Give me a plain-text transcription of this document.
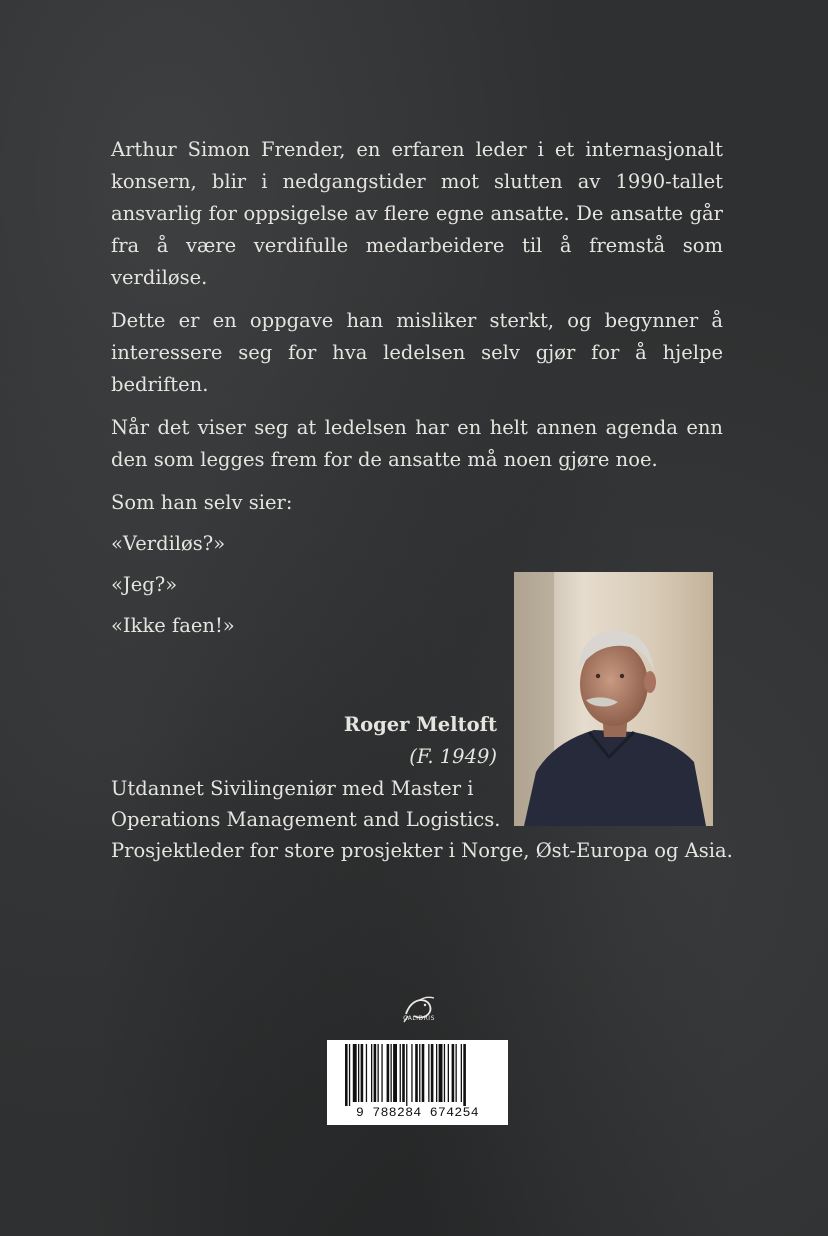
Arthur Simon Frender, en erfaren leder i et internasjonalt konsern, blir i nedgangstider mot slutten av 1990-tallet ansvarlig for oppsigelse av flere egne ansatte. De ansatte går fra å være verdifulle medarbeidere til å fremstå som verdiløse.

Dette er en oppgave han misliker sterkt, og begynner å interessere seg for hva ledelsen selv gjør for å hjelpe bedriften.

Når det viser seg at ledelsen har en helt annen agenda enn den som legges frem for de ansatte må noen gjøre noe.

Som han selv sier:

«Verdiløs?»

«Jeg?»

«Ikke faen!»

Roger Meltoft
(F. 1949)
Utdannet Sivilingeniør med Master i
Operations Management and Logistics.
Prosjektleder for store prosjekter i Norge, Øst-Europa og Asia.
CALIDRIS
9 788284 674254
